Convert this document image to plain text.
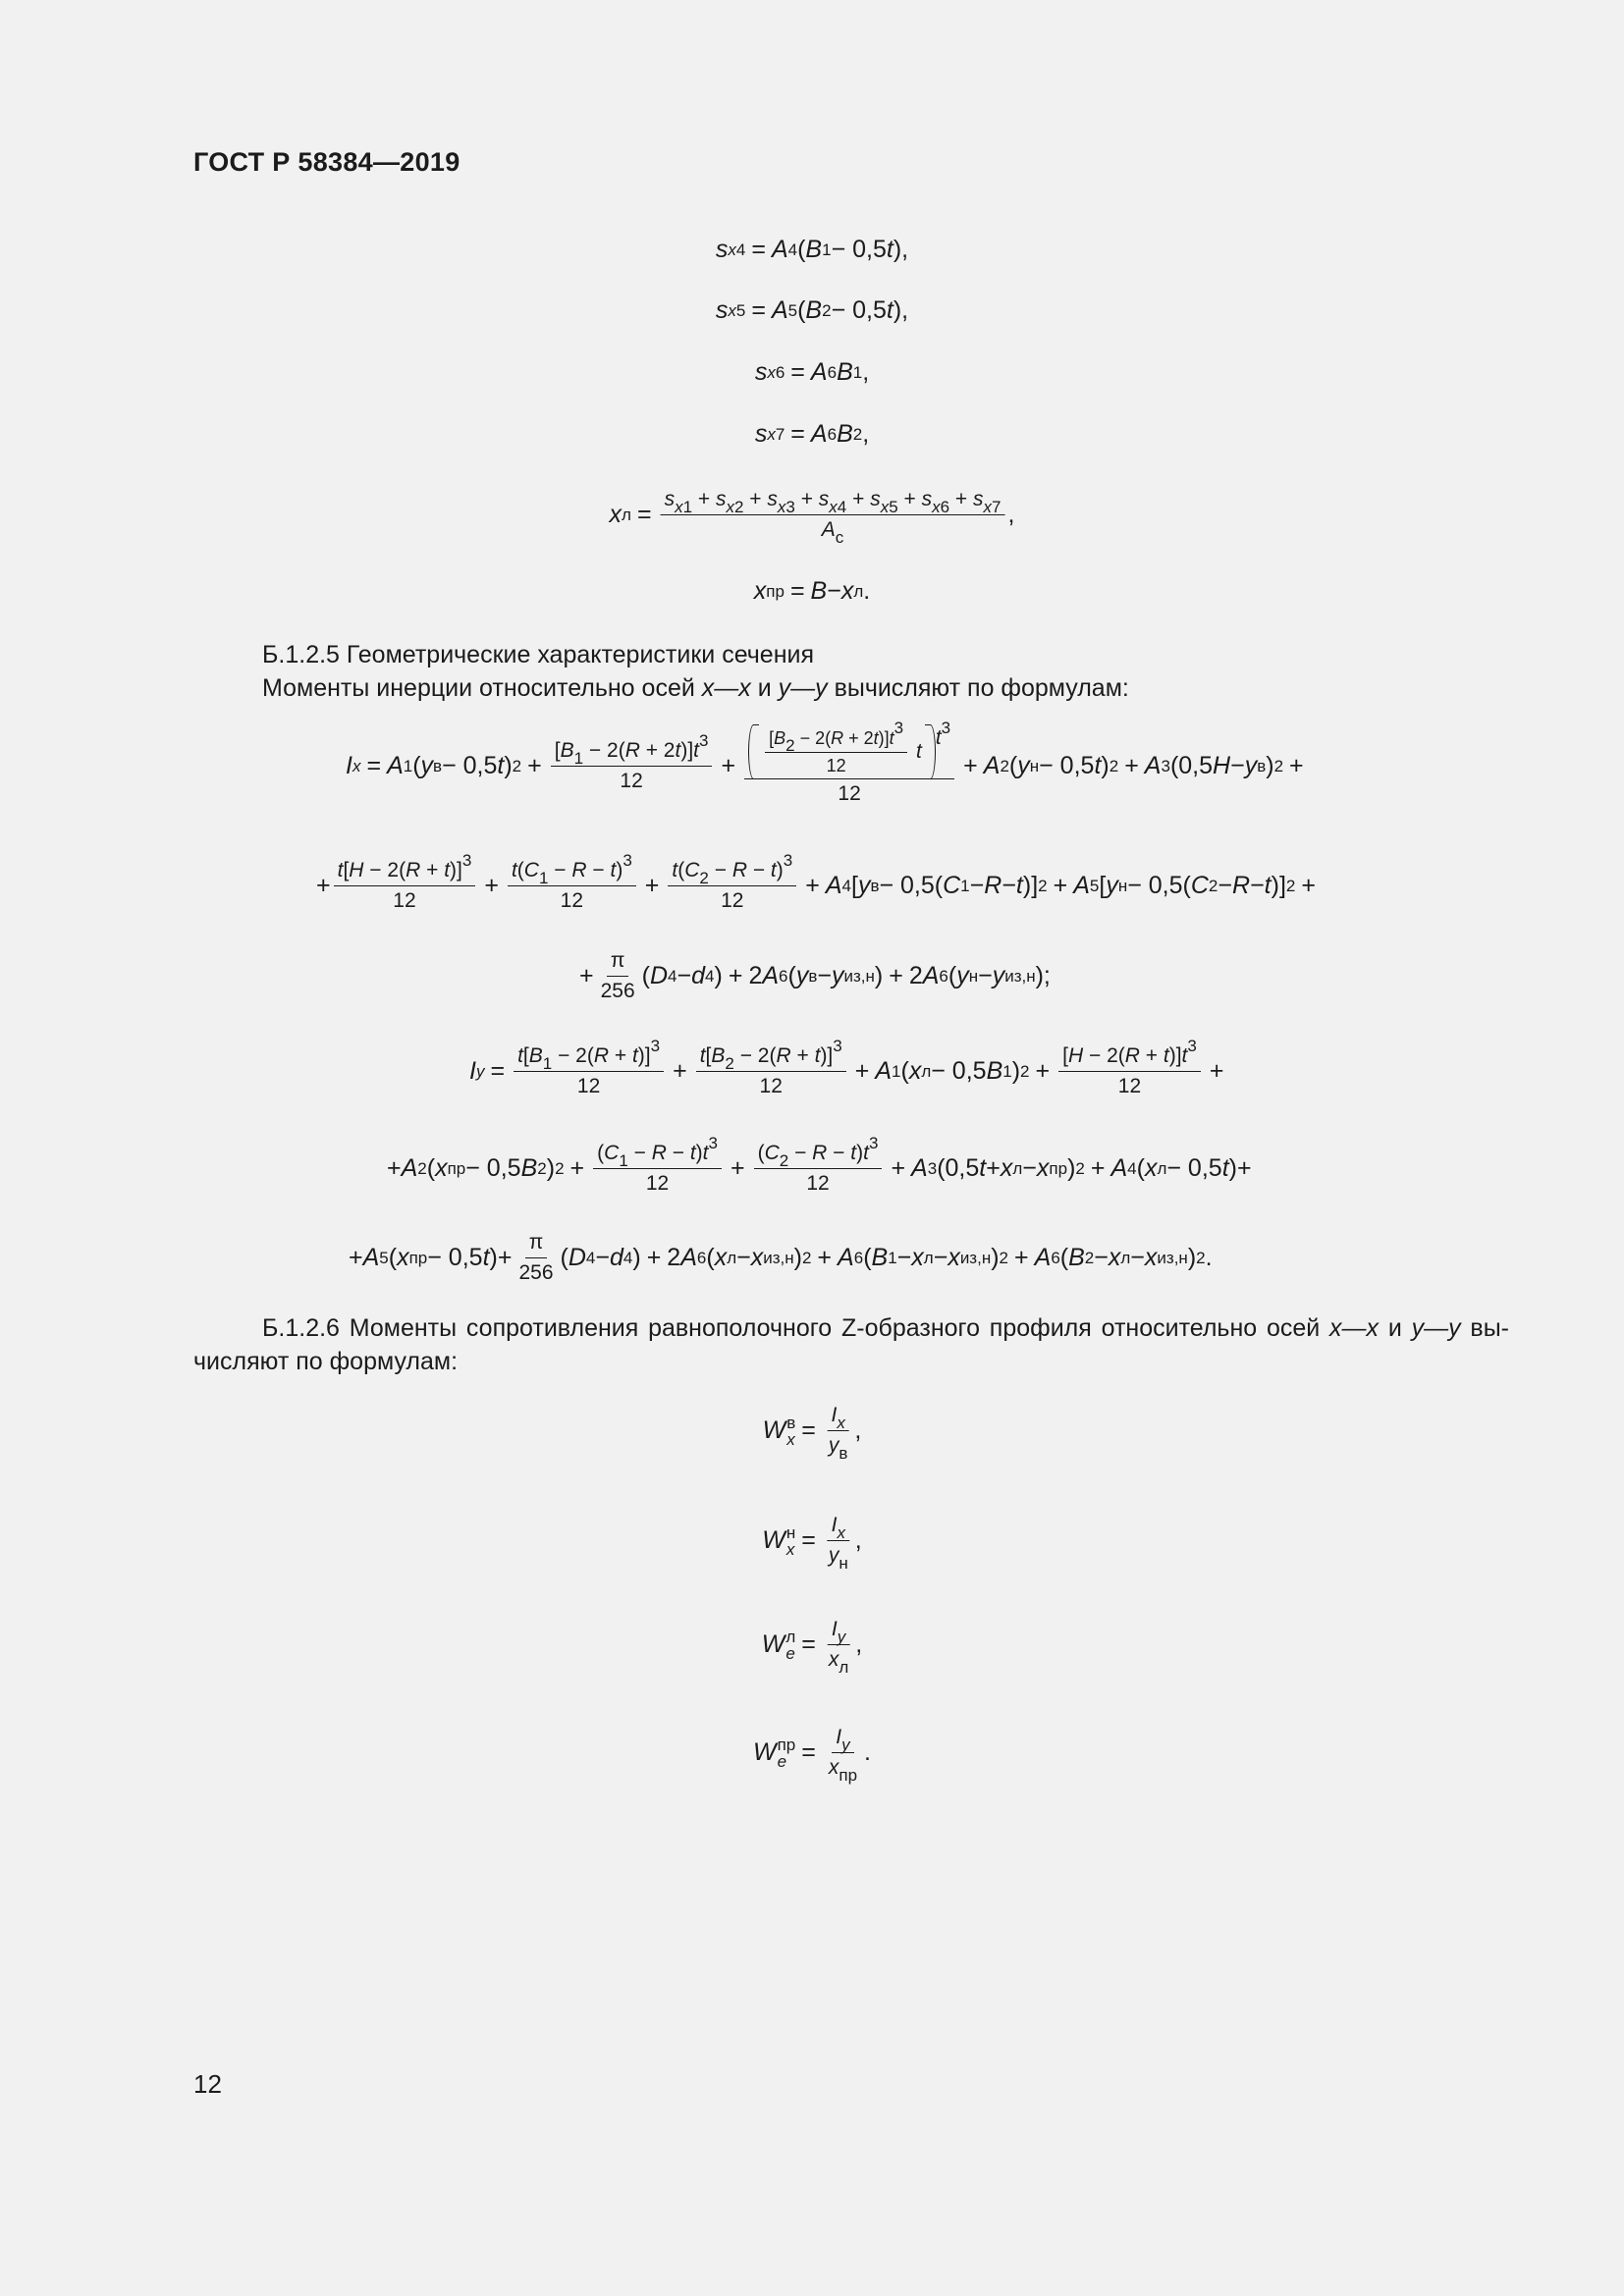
ГОСТ Р 58384—2019
s x4 = A 4 ( B 1 − 0,5 t ),
s x5 = A 5 ( B 2 − 0,5 t ),
s x6 = A 6 B 1 ,
s x7 = A 6 B 2 ,
x $л = \frac{s_{x1} + s_{x2} + s_{x3} + s_{x4} + s_{x5} + s_{x6} + s_{x7}}{A_c}$ ,
x пр = B − x л .
Б.1.2.5 Геометрические характеристики сечения
Моменты инерции относительно осей x—x и y—y вычисляют по формулам:
I x = A 1 ( y в − 0,5 t ) $2 + \frac{[B_1 - 2(R + 2t)]t^3}{12} + \frac{[B_2 - 2(R + 2t)]t^3}{12}$
t
$t^3$
12 + A 2 ( y н − 0,5 t ) 2 + A 3 (0,5 H − y в ) 2 +
+ $\frac{t[H - 2(R + t)]^3}{12} + \frac{t(C_1 - R - t)^3}{12} + \frac{t(C_2 - R - t)^3}{12} + A$ 4 [ y в − 0,5( C 1 − R − t )] 2 + A 5 [ y н − 0,5( C 2 − R − t )] 2 +
+ $\frac{\pi}{256}$ ( D 4 − d 4 ) + 2 A 6 ( y в − y из,н ) + 2 A 6 ( y н − y из,н );
I $y = \frac{t[B_1 - 2(R + t)]^3}{12} + \frac{t[B_2 - 2(R + t)]^3}{12} + A$ 1 ( x л − 0,5 B 1 ) $2 + \frac{[H - 2(R + t)]t^3}{12}$ +
+ A 2 ( x пр − 0,5 B 2 ) $2 + \frac{(C_1 - R - t)t^3}{12} + \frac{(C_2 - R - t)t^3}{12} + A$ 3 (0,5 t + x л − x пр ) 2 + A 4 ( x л − 0,5 t )+
+ A 5 ( x пр − 0,5 t )+ $\frac{\pi}{256}$ ( D 4 − d 4 ) + 2 A 6 ( x л − x из,н ) 2 + A 6 ( B 1 − x л − x из,н ) 2 + A 6 ( B 2 − x л − x из,н ) 2 .
Б.1.2.6 Моменты сопротивления равнополочного Z-образного профиля относительно осей x—x и y—y вы-
числяют по формулам:
W в
$x = \frac{I_x}{y_в}$ ,
W н
$x = \frac{I_x}{y_н}$ ,
W л
$e = \frac{I_y}{x_л}$ ,
W пр
$e = \frac{I_y}{x_{пр}}$ .
12
